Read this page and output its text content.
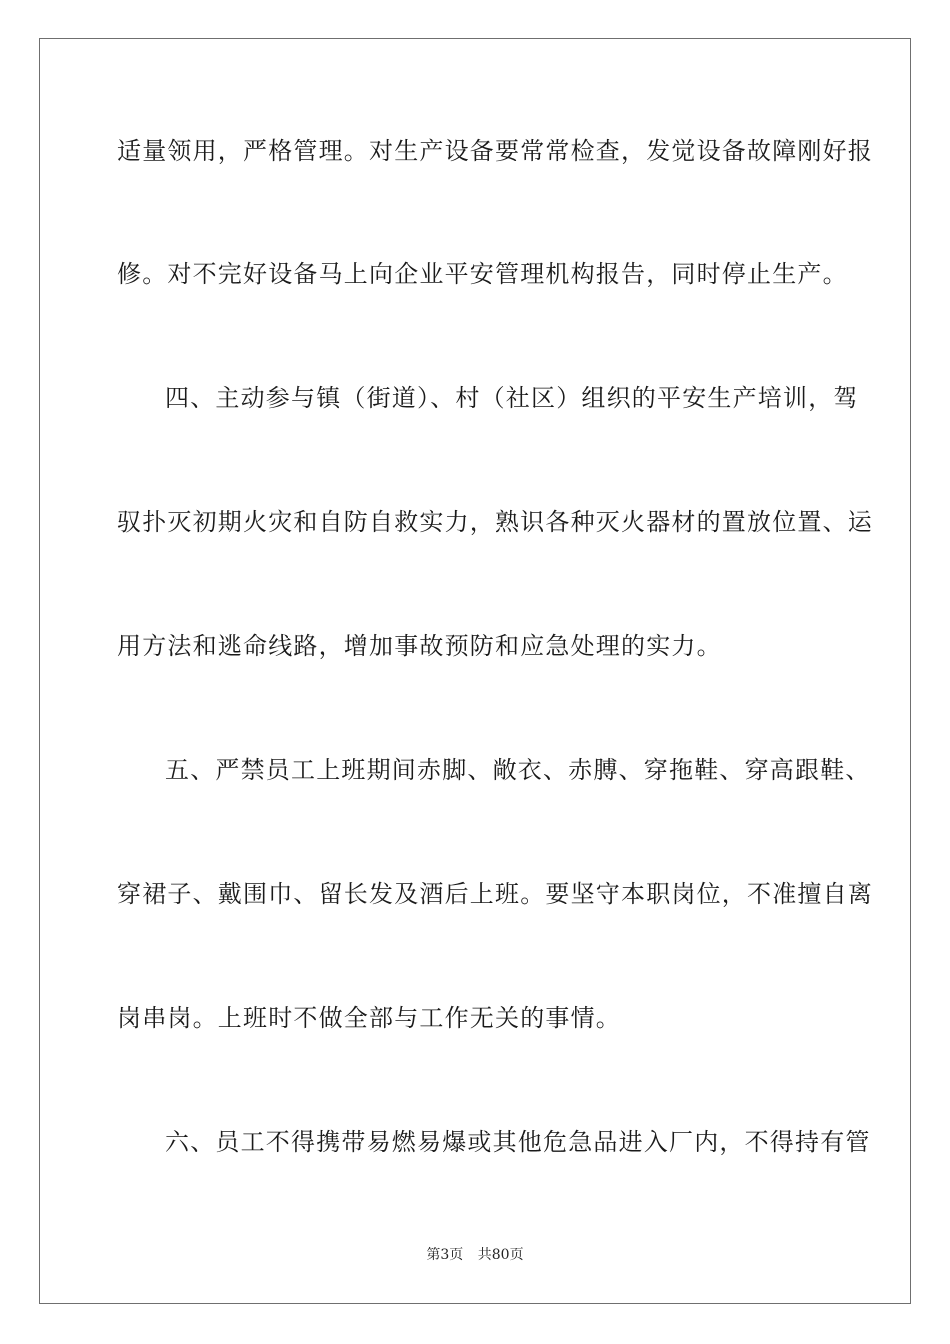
适量领用，严格管理。对生产设备要常常检查，发觉设备故障刚好报
修。对不完好设备马上向企业平安管理机构报告，同时停止生产。
四、主动参与镇（街道）、村（社区）组织的平安生产培训，驾
驭扑灭初期火灾和自防自救实力，熟识各种灭火器材的置放位置、运
用方法和逃命线路，增加事故预防和应急处理的实力。
五、严禁员工上班期间赤脚、敞衣、赤膊、穿拖鞋、穿高跟鞋、
穿裙子、戴围巾、留长发及酒后上班。要坚守本职岗位，不准擅自离
岗串岗。上班时不做全部与工作无关的事情。
六、员工不得携带易燃易爆或其他危急品进入厂内，不得持有管
第3页 共80页
